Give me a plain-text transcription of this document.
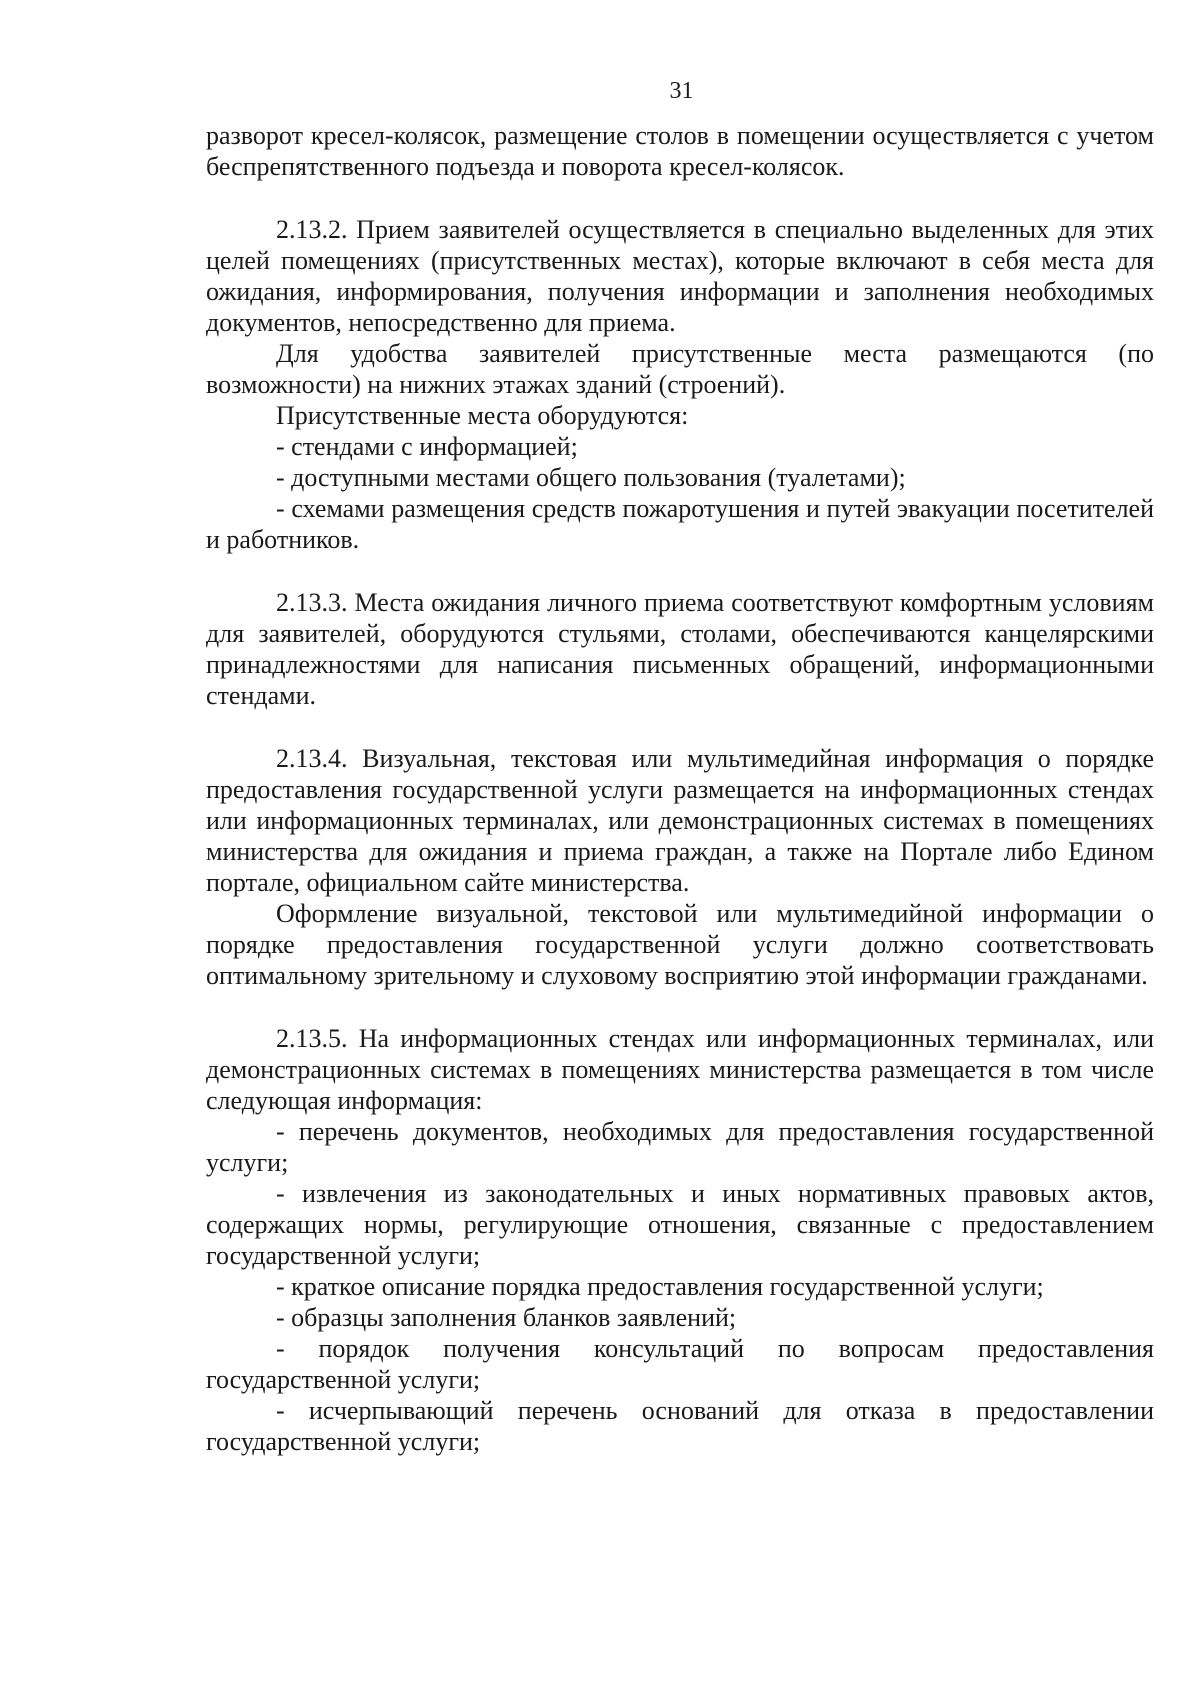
31

разворот кресел-колясок, размещение столов в помещении осуществляется с учетом беспрепятственного подъезда и поворота кресел-колясок.

2.13.2. Прием заявителей осуществляется в специально выделенных для этих целей помещениях (присутственных местах), которые включают в себя места для ожидания, информирования, получения информации и заполнения необходимых документов, непосредственно для приема.

Для удобства заявителей присутственные места размещаются (по возможности) на нижних этажах зданий (строений).

Присутственные места оборудуются:

- стендами с информацией;

- доступными местами общего пользования (туалетами);

- схемами размещения средств пожаротушения и путей эвакуации посетителей и работников.

2.13.3. Места ожидания личного приема соответствуют комфортным условиям для заявителей, оборудуются стульями, столами, обеспечиваются канцелярскими принадлежностями для написания письменных обращений, информационными стендами.

2.13.4. Визуальная, текстовая или мультимедийная информация о порядке предоставления государственной услуги размещается на информационных стендах или информационных терминалах, или демонстрационных системах в помещениях министерства для ожидания и приема граждан, а также на Портале либо Едином портале, официальном сайте министерства.

Оформление визуальной, текстовой или мультимедийной информации о порядке предоставления государственной услуги должно соответствовать оптимальному зрительному и слуховому восприятию этой информации гражданами.

2.13.5. На информационных стендах или информационных терминалах, или демонстрационных системах в помещениях министерства размещается в том числе следующая информация:

- перечень документов, необходимых для предоставления государственной услуги;

- извлечения из законодательных и иных нормативных правовых актов, содержащих нормы, регулирующие отношения, связанные с предоставлением государственной услуги;

- краткое описание порядка предоставления государственной услуги;

- образцы заполнения бланков заявлений;

- порядок получения консультаций по вопросам предоставления государственной услуги;

- исчерпывающий перечень оснований для отказа в предоставлении государственной услуги;
